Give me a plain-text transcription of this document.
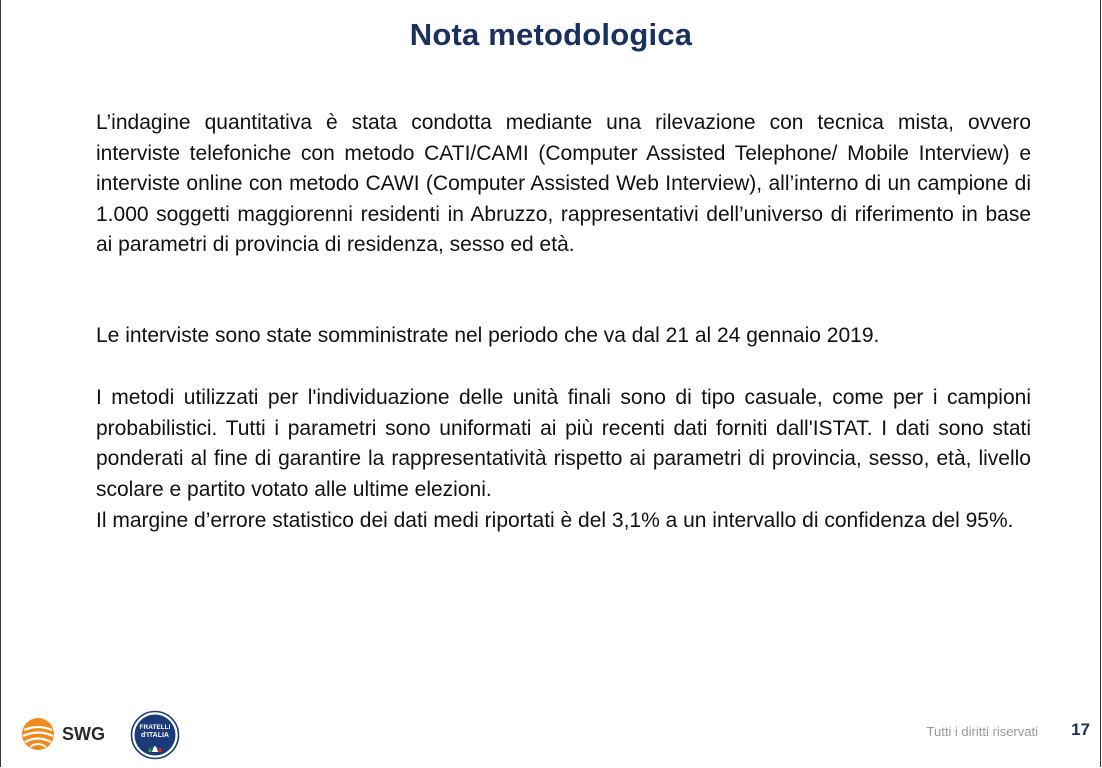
Nota metodologica

L’indagine quantitativa è stata condotta mediante una rilevazione con tecnica mista, ovvero interviste telefoniche con metodo CATI/CAMI (Computer Assisted Telephone/ Mobile Interview) e interviste online con metodo CAWI (Computer Assisted Web Interview), all’interno di un campione di 1.000 soggetti maggiorenni residenti in Abruzzo, rappresentativi dell’universo di riferimento in base ai parametri di provincia di residenza, sesso ed età.

Le interviste sono state somministrate nel periodo che va dal 21 al 24 gennaio 2019.

I metodi utilizzati per l'individuazione delle unità finali sono di tipo casuale, come per i campioni probabilistici. Tutti i parametri sono uniformati ai più recenti dati forniti dall'ISTAT. I dati sono stati ponderati al fine di garantire la rappresentatività rispetto ai parametri di provincia, sesso, età, livello scolare e partito votato alle ultime elezioni.

Il margine d’errore statistico dei dati medi riportati è del 3,1% a un intervallo di confidenza del 95%.

SWG	FRATELLI
d'ITALIA	Tutti i diritti riservati	17
